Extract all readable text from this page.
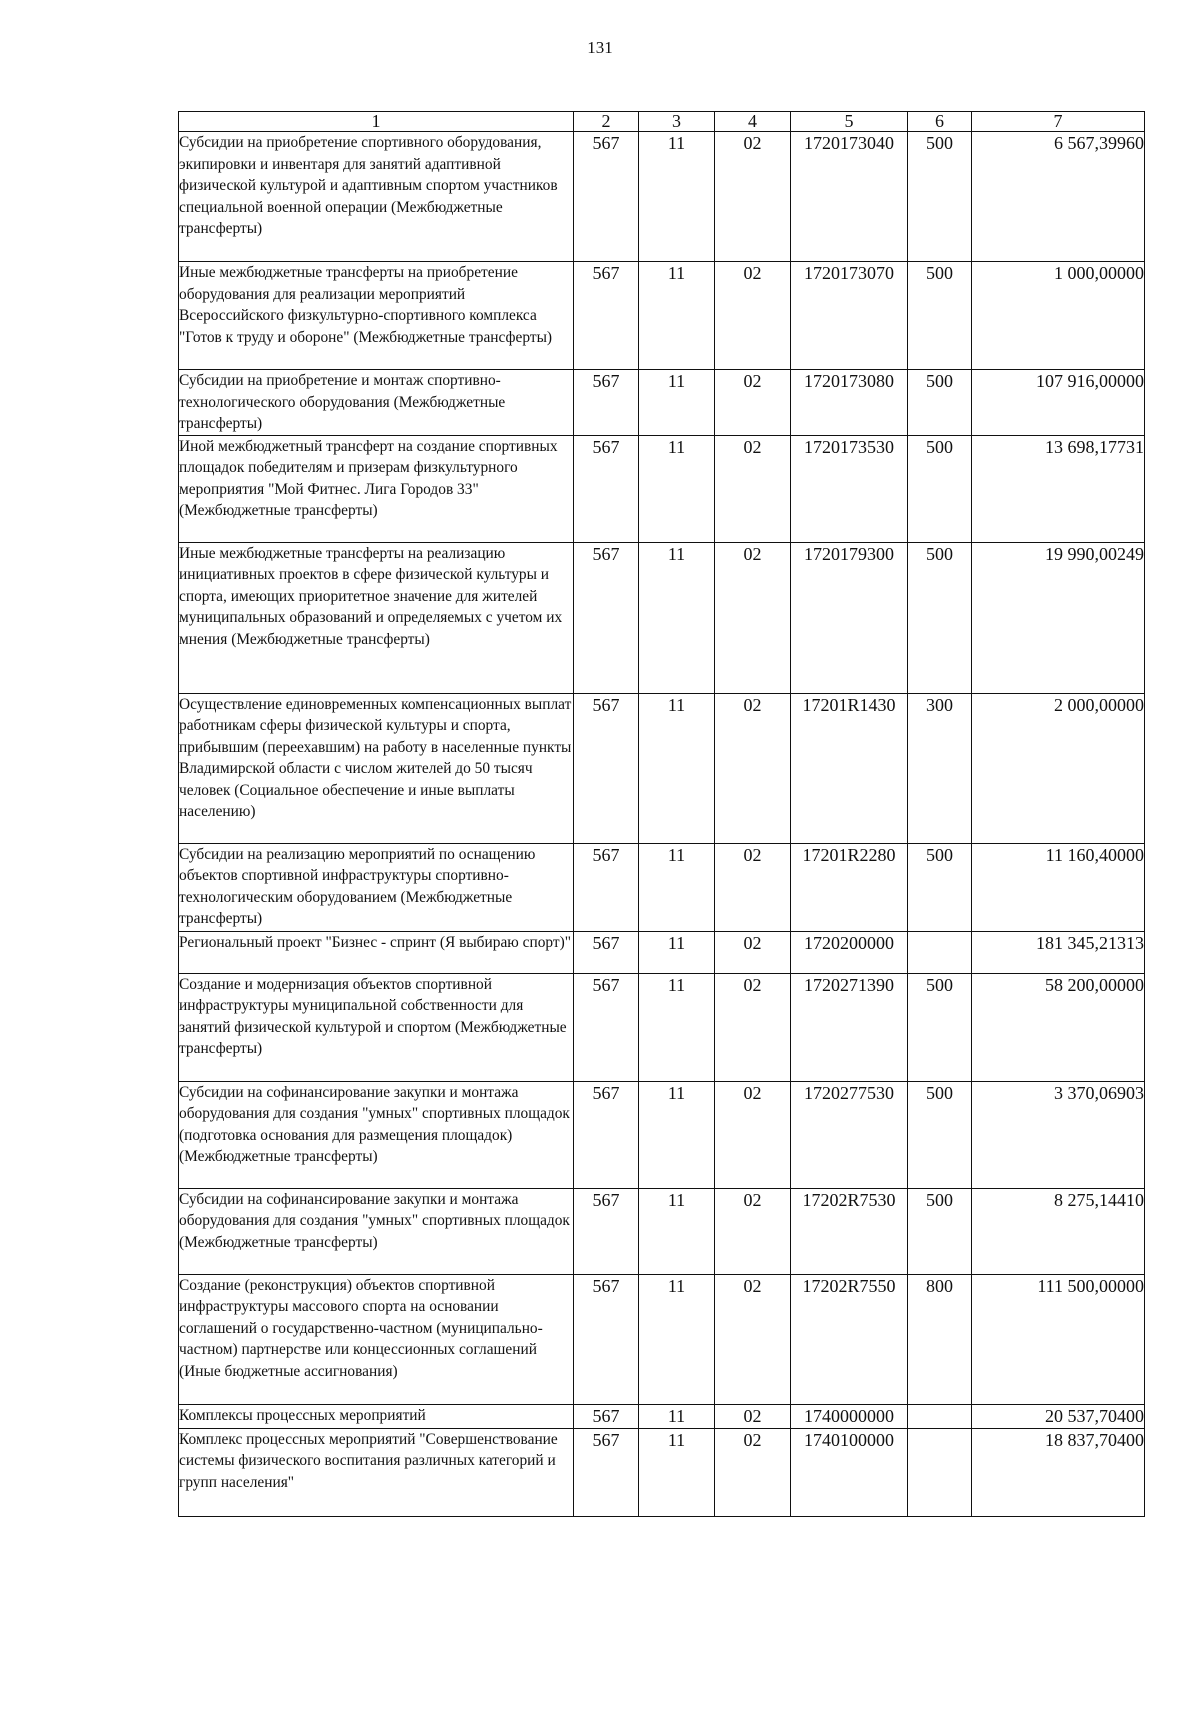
131
1	2	3	4	5	6	7
Субсидии на приобретение спортивного оборудования, экипировки и инвентаря для занятий адаптивной физической культурой и адаптивным спортом участников специальной военной операции (Межбюджетные трансферты)	567	11	02	1720173040	500	6 567,39960
Иные межбюджетные трансферты на приобретение оборудования для реализации мероприятий Всероссийского физкультурно-спортивного комплекса "Готов к труду и обороне" (Межбюджетные трансферты)	567	11	02	1720173070	500	1 000,00000
Субсидии на приобретение и монтаж спортивно-технологического оборудования (Межбюджетные трансферты)	567	11	02	1720173080	500	107 916,00000
Иной межбюджетный трансферт на создание спортивных площадок победителям и призерам физкультурного мероприятия "Мой Фитнес. Лига Городов 33" (Межбюджетные трансферты)	567	11	02	1720173530	500	13 698,17731
Иные межбюджетные трансферты на реализацию инициативных проектов в сфере физической культуры и спорта, имеющих приоритетное значение для жителей муниципальных образований и определяемых с учетом их мнения (Межбюджетные трансферты)	567	11	02	1720179300	500	19 990,00249
Осуществление единовременных компенсационных выплат работникам сферы физической культуры и спорта, прибывшим (переехавшим) на работу в населенные пункты Владимирской области с числом жителей до 50 тысяч человек (Социальное обеспечение и иные выплаты населению)	567	11	02	17201R1430	300	2 000,00000
Субсидии на реализацию мероприятий по оснащению объектов спортивной инфраструктуры спортивно-технологическим оборудованием (Межбюджетные трансферты)	567	11	02	17201R2280	500	11 160,40000
Региональный проект "Бизнес - спринт (Я выбираю спорт)"	567	11	02	1720200000		181 345,21313
Создание и модернизация объектов спортивной инфраструктуры муниципальной собственности для занятий физической культурой и спортом (Межбюджетные трансферты)	567	11	02	1720271390	500	58 200,00000
Субсидии на софинансирование закупки и монтажа оборудования для создания "умных" спортивных площадок (подготовка основания для размещения площадок) (Межбюджетные трансферты)	567	11	02	1720277530	500	3 370,06903
Субсидии на софинансирование закупки и монтажа оборудования для создания "умных" спортивных площадок (Межбюджетные трансферты)	567	11	02	17202R7530	500	8 275,14410
Создание (реконструкция) объектов спортивной инфраструктуры массового спорта на основании соглашений о государственно-частном (муниципально-частном) партнерстве или концессионных соглашений (Иные бюджетные ассигнования)	567	11	02	17202R7550	800	111 500,00000
Комплексы процессных мероприятий	567	11	02	1740000000		20 537,70400
Комплекс процессных мероприятий "Совершенствование системы физического воспитания различных категорий и групп населения"	567	11	02	1740100000		18 837,70400
